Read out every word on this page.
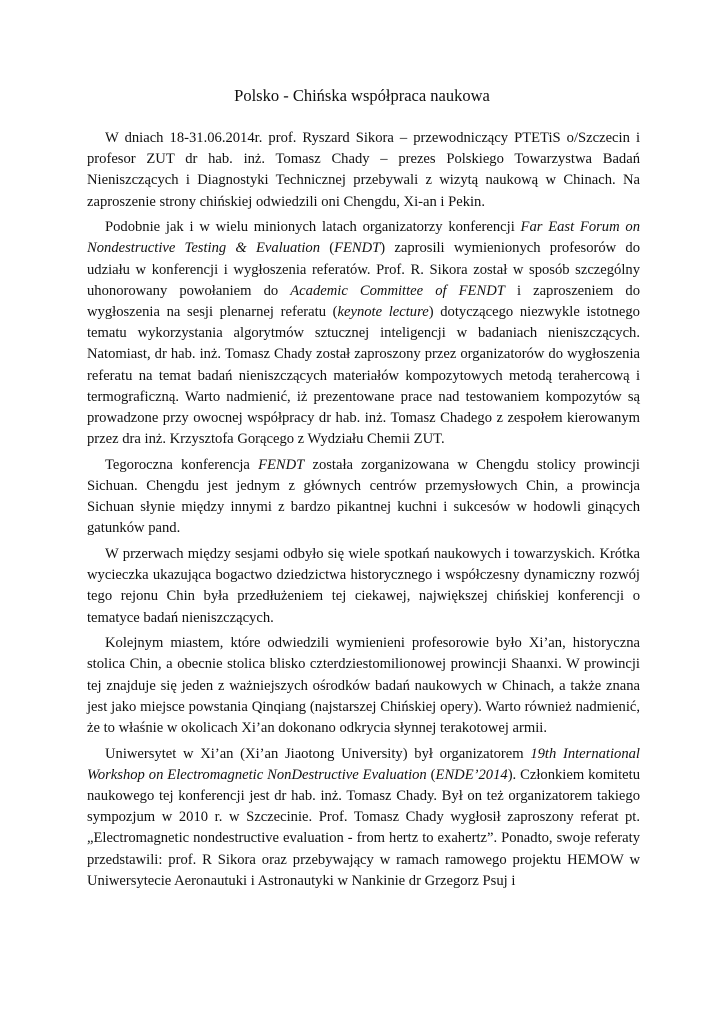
Polsko - Chińska współpraca naukowa

W dniach 18-31.06.2014r. prof. Ryszard Sikora – przewodniczący PTETiS o/Szczecin i profesor ZUT dr hab. inż. Tomasz Chady – prezes Polskiego Towarzystwa Badań Nieniszczących i Diagnostyki Technicznej przebywali z wizytą naukową w Chinach. Na zaproszenie strony chińskiej odwiedzili oni Chengdu, Xi-an i Pekin.

Podobnie jak i w wielu minionych latach organizatorzy konferencji Far East Forum on Nondestructive Testing & Evaluation (FENDT) zaprosili wymienionych profesorów do udziału w konferencji i wygłoszenia referatów. Prof. R. Sikora został w sposób szczególny uhonorowany powołaniem do Academic Committee of FENDT i zaproszeniem do wygłoszenia na sesji plenarnej referatu (keynote lecture) dotyczącego niezwykle istotnego tematu wykorzystania algorytmów sztucznej inteligencji w badaniach nieniszczących. Natomiast, dr hab. inż. Tomasz Chady został zaproszony przez organizatorów do wygłoszenia referatu na temat badań nieniszczących materiałów kompozytowych metodą terahercową i termograficzną. Warto nadmienić, iż prezentowane prace nad testowaniem kompozytów są prowadzone przy owocnej współpracy dr hab. inż. Tomasz Chadego z zespołem kierowanym przez dra inż. Krzysztofa Gorącego z Wydziału Chemii ZUT.

Tegoroczna konferencja FENDT została zorganizowana w Chengdu stolicy prowincji Sichuan. Chengdu jest jednym z głównych centrów przemysłowych Chin, a prowincja Sichuan słynie między innymi z bardzo pikantnej kuchni i sukcesów w hodowli ginących gatunków pand.

W przerwach między sesjami odbyło się wiele spotkań naukowych i towarzyskich. Krótka wycieczka ukazująca bogactwo dziedzictwa historycznego i współczesny dynamiczny rozwój tego rejonu Chin była przedłużeniem tej ciekawej, największej chińskiej konferencji o tematyce badań nieniszczących.

Kolejnym miastem, które odwiedzili wymienieni profesorowie było Xi’an, historyczna stolica Chin, a obecnie stolica blisko czterdziestomilionowej prowincji Shaanxi. W prowincji tej znajduje się jeden z ważniejszych ośrodków badań naukowych w Chinach, a także znana jest jako miejsce powstania Qinqiang (najstarszej Chińskiej opery). Warto również nadmienić, że to właśnie w okolicach Xi’an dokonano odkrycia słynnej terakotowej armii.

Uniwersytet w Xi’an (Xi’an Jiaotong University) był organizatorem 19th International Workshop on Electromagnetic NonDestructive Evaluation (ENDE’2014). Członkiem komitetu naukowego tej konferencji jest dr hab. inż. Tomasz Chady. Był on też organizatorem takiego sympozjum w 2010 r. w Szczecinie. Prof. Tomasz Chady wygłosił zaproszony referat pt. „Electromagnetic nondestructive evaluation - from hertz to exahertz”. Ponadto, swoje referaty przedstawili: prof. R Sikora oraz przebywający w ramach ramowego projektu HEMOW w Uniwersytecie Aeronautuki i Astronautyki w Nankinie dr Grzegorz Psuj i
